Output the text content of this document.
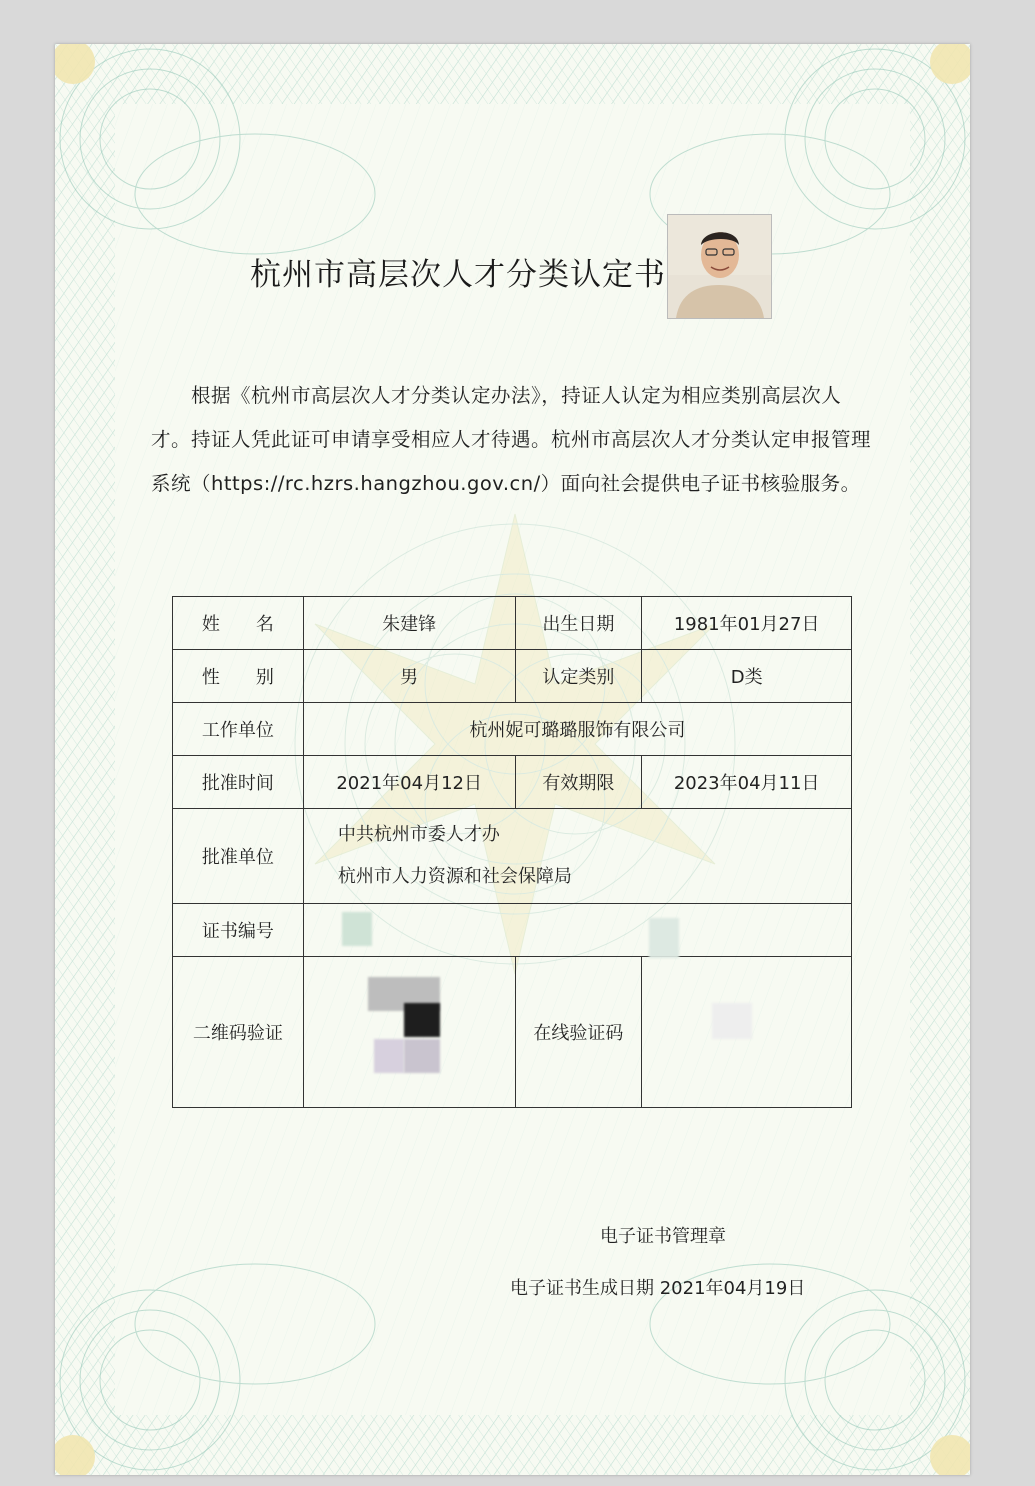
杭州市高层次人才分类认定书
根据《杭州市高层次人才分类认定办法》，持证人认定为相应类别高层次人才。持证人凭此证可申请享受相应人才待遇。杭州市高层次人才分类认定申报管理系统（https://rc.hzrs.hangzhou.gov.cn/）面向社会提供电子证书核验服务。
姓　　名	朱建锋	出生日期	1981年01月27日
性　　别	男	认定类别	D类
工作单位	杭州妮可璐璐服饰有限公司		
批准时间	2021年04月12日	有效期限	2023年04月11日
批准单位	中共杭州市委人才办
杭州市人力资源和社会保障局		

证书编号			

二维码验证		在线验证码	
电子证书管理章
电子证书生成日期 2021年04月19日
